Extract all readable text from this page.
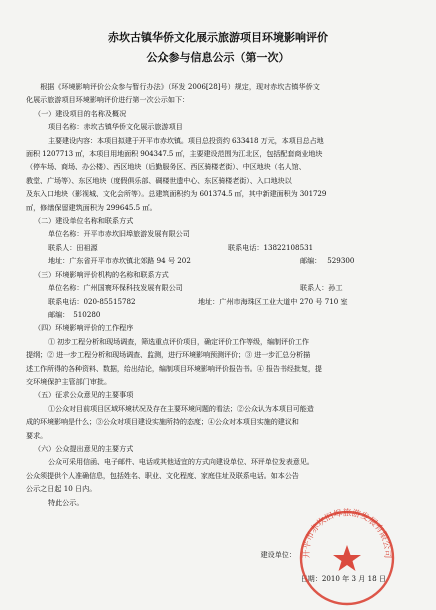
赤坎古镇华侨文化展示旅游项目环境影响评价

公众参与信息公示（第一次）

根据《环境影响评价公众参与暂行办法》（环发 2006[28]号）规定，现对赤坎古镇华侨文

化展示旅游项目环境影响评价进行第一次公示如下：

（一）建设项目的名称及概况

项目名称：赤坎古镇华侨文化展示旅游项目

主要建设内容：本项目拟建于开平市赤坎镇。项目总投资约 633418 万元，本项目总占地

面积 1207713 ㎡，本项目用地面积 904347.5 ㎡，主要建设范围为江北区，包括配套商业地块

（停车场、商场、办公楼）、西区地块（后勤服务区、西区骑楼老街）、中区地块（名人馆、

教堂、广场等）、东区地块（度假俱乐部、碉楼世遗中心、东区骑楼老街）、入口地块以

及东入口地块（影视城、文化会所等）。总建筑面积约为 601374.5 ㎡，其中新建面积为 301729

㎡，修缮保留建筑面积为 299645.5 ㎡。

（二）建设单位名称和联系方式

单位名称：开平市赤坎旧埠旅游发展有限公司

联系人：田祖源	联系电话：13822108531
地址：广东省开平市赤坎镇北郊路 94 号 202	邮编： 529300

（三）环境影响评价机构的名称和联系方式

单位名称：广州国寰环保科技发展有限公司	联系人：孙工
联系电话：020-85515782	地址：广州市海珠区工业大道中 270 号 710 室
邮编： 510280

（四）环境影响评价的工作程序

① 初步工程分析和现场调查，筛选重点评价项目，确定评价工作等级，编制评价工作

提纲；② 进一步工程分析和现场调查、监测，进行环境影响预测评价；③ 进一步汇总分析描

述工作所得的各种资料、数据，给出结论，编制项目环境影响评价报告书。④ 报告书经批复，提

交环境保护主管部门审批。

（五）征求公众意见的主要事项

①公众对目前项目区域环境状况及存在主要环境问题的看法；②公众认为本项目可能造

成的环境影响是什么；③公众对项目建设实施所持的态度；④公众对本项目实施的建议和

要求。

（六）公众提出意见的主要方式

公众可采用信函、电子邮件、电话或其他适宜的方式向建设单位、环评单位发表意见。

公众须提供个人准确信息，包括姓名、职业、文化程度、家庭住址及联系电话。如本公告

公示之日起 10 日内。

特此公示。

建设单位：

日期：2010 年 3 月 18 日

开平市赤坎旧埠旅游发展有限公司
